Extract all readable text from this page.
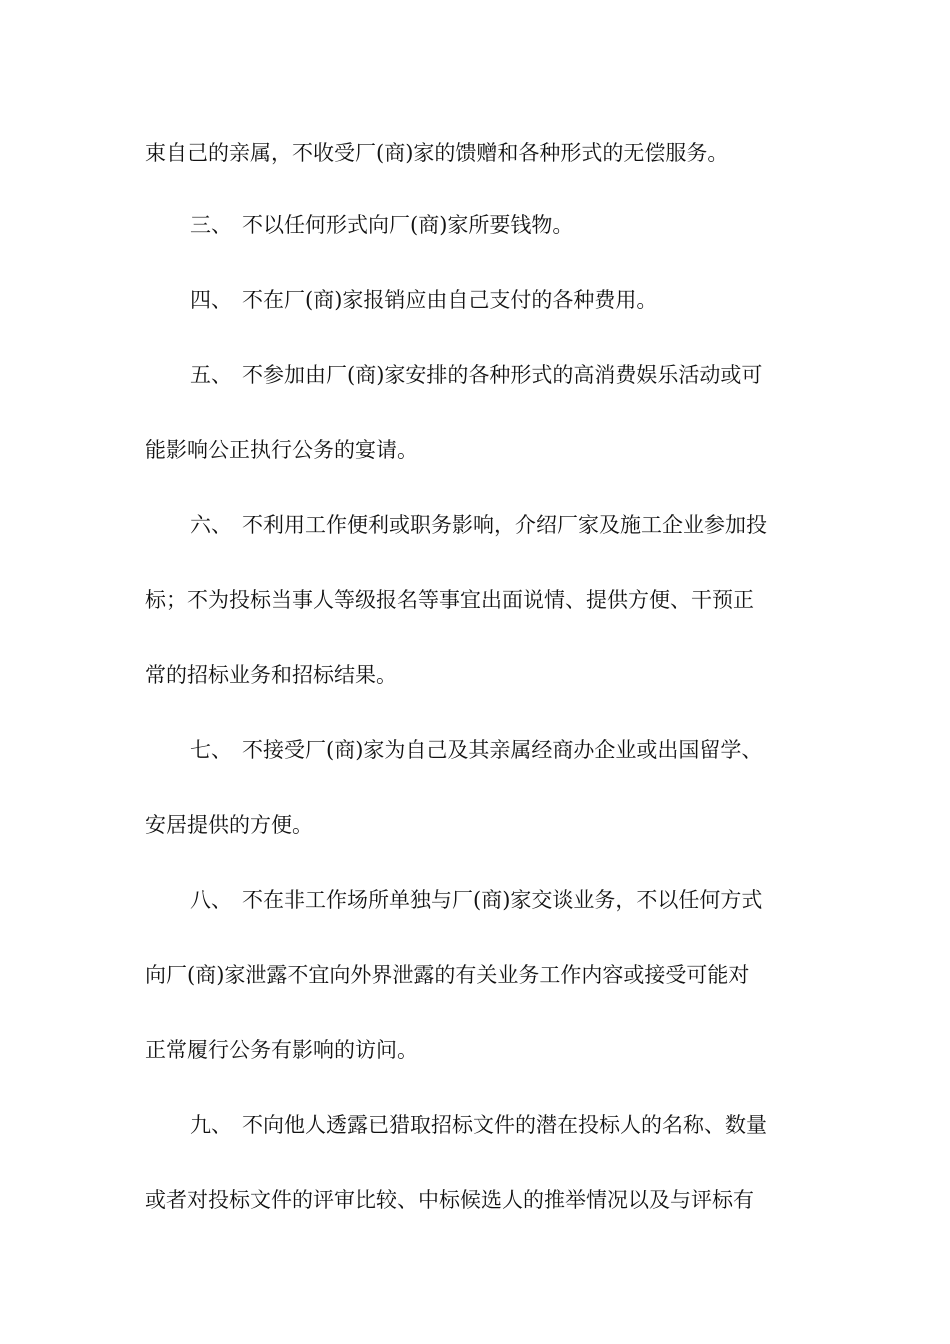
束自己的亲属，不收受厂(商)家的馈赠和各种形式的无偿服务。
三、 不以任何形式向厂(商)家所要钱物。
四、 不在厂(商)家报销应由自己支付的各种费用。
五、 不参加由厂(商)家安排的各种形式的高消费娱乐活动或可
能影响公正执行公务的宴请。
六、 不利用工作便利或职务影响，介绍厂家及施工企业参加投
标；不为投标当事人等级报名等事宜出面说情、提供方便、干预正
常的招标业务和招标结果。
七、 不接受厂(商)家为自己及其亲属经商办企业或出国留学、
安居提供的方便。
八、 不在非工作场所单独与厂(商)家交谈业务，不以任何方式
向厂(商)家泄露不宜向外界泄露的有关业务工作内容或接受可能对
正常履行公务有影响的访问。
九、 不向他人透露已猎取招标文件的潜在投标人的名称、数量
或者对投标文件的评审比较、中标候选人的推举情况以及与评标有
